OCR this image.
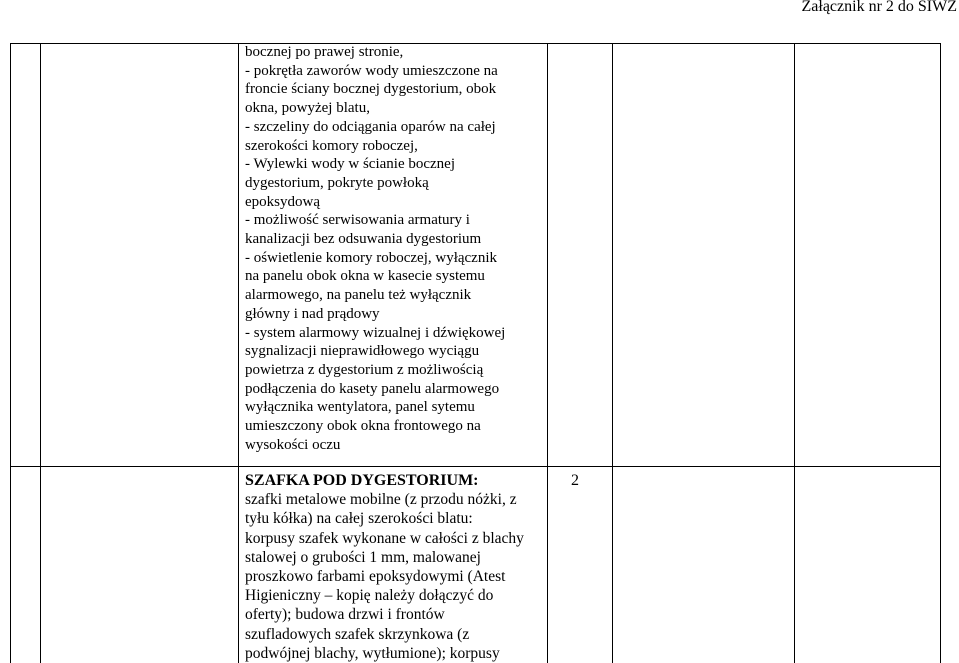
Załącznik nr 2 do SIWZ
bocznej po prawej stronie,
- pokrętła zaworów wody umieszczone na
froncie ściany bocznej dygestorium, obok
okna, powyżej blatu,
- szczeliny do odciągania oparów na całej
szerokości komory roboczej,
- Wylewki wody w ścianie bocznej
dygestorium, pokryte powłoką
epoksydową
- możliwość serwisowania armatury i
kanalizacji bez odsuwania dygestorium
- oświetlenie komory roboczej, wyłącznik
na panelu obok okna w kasecie systemu
alarmowego, na panelu też wyłącznik
główny i nad prądowy
- system alarmowy wizualnej i dźwiękowej
sygnalizacji nieprawidłowego wyciągu
powietrza z dygestorium z możliwością
podłączenia do kasety panelu alarmowego
wyłącznika wentylatora, panel sytemu
umieszczony obok okna frontowego na
wysokości oczu
SZAFKA POD DYGESTORIUM:
szafki metalowe mobilne (z przodu nóżki, z
tyłu kółka) na całej szerokości blatu:
korpusy szafek wykonane w całości z blachy
stalowej o grubości 1 mm, malowanej
proszkowo farbami epoksydowymi (Atest
Higieniczny – kopię należy dołączyć do
oferty); budowa drzwi i frontów
szufladowych szafek skrzynkowa (z
podwójnej blachy, wytłumione); korpusy
2
